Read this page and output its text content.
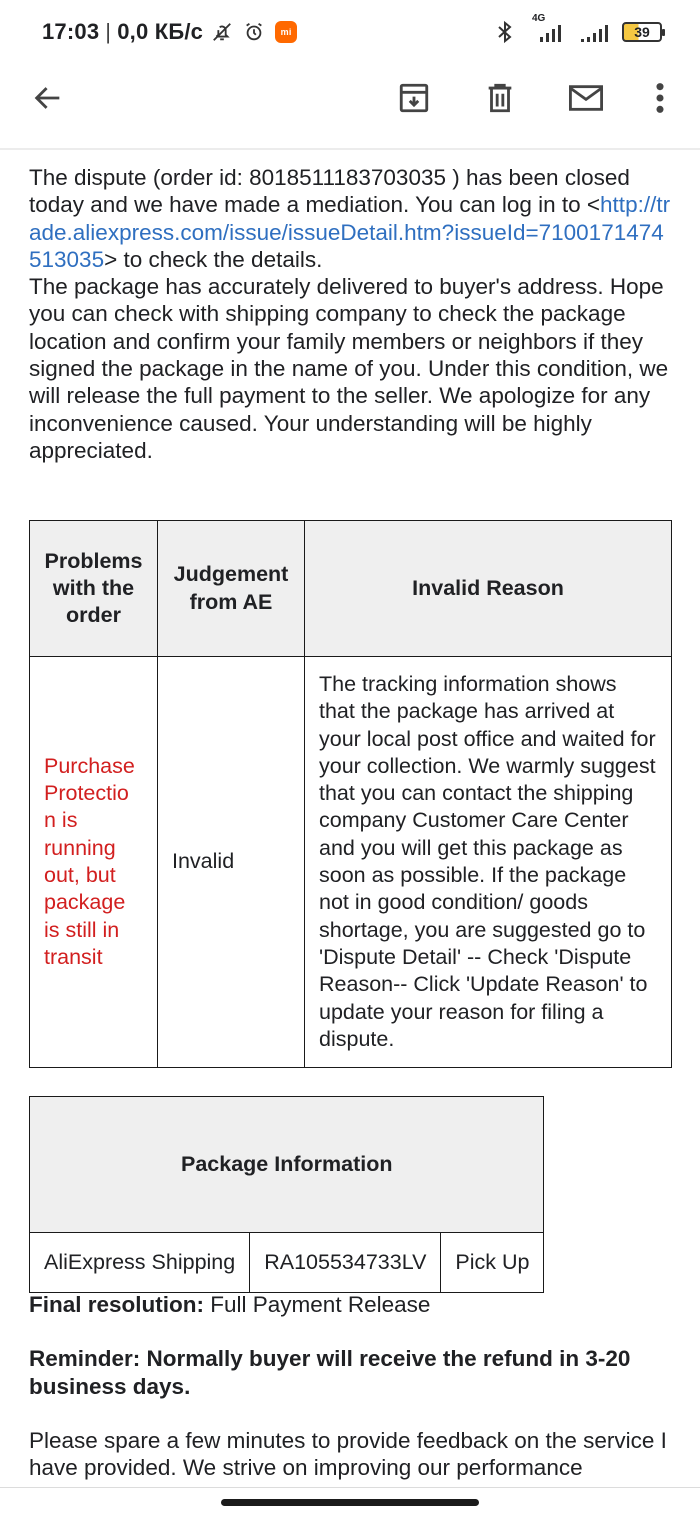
17:03 | 0,0 КБ/с	mi
4G
39

The dispute (order id: 8018511183703035 ) has been closed today and we have made a mediation. You can log in to <http://trade.aliexpress.com/issue/issueDetail.htm?issueId=7100171474513035> to check the details.

The package has accurately delivered to buyer's address. Hope you can check with shipping company to check the package location and confirm your family members or neighbors if they signed the package in the name of you. Under this condition, we will release the full payment to the seller. We apologize for any inconvenience caused. Your understanding will be highly appreciated.

Problems with the order	Judgement from AE	Invalid Reason
Purchase Protectio n is running out, but package is still in transit	Invalid	The tracking information shows that the package has arrived at your local post office and waited for your collection. We warmly suggest that you can contact the shipping company Customer Care Center and you will get this package as soon as possible. If the package not in good condition/ goods shortage, you are suggested go to 'Dispute Detail' -- Check 'Dispute Reason-- Click 'Update Reason' to update your reason for filing a dispute.
Package Information
AliExpress Shipping	RA105534733LV	Pick Up

Final resolution: Full Payment Release

Reminder: Normally buyer will receive the refund in 3-20 business days.

Please spare a few minutes to provide feedback on the service I have provided. We strive on improving our performance
